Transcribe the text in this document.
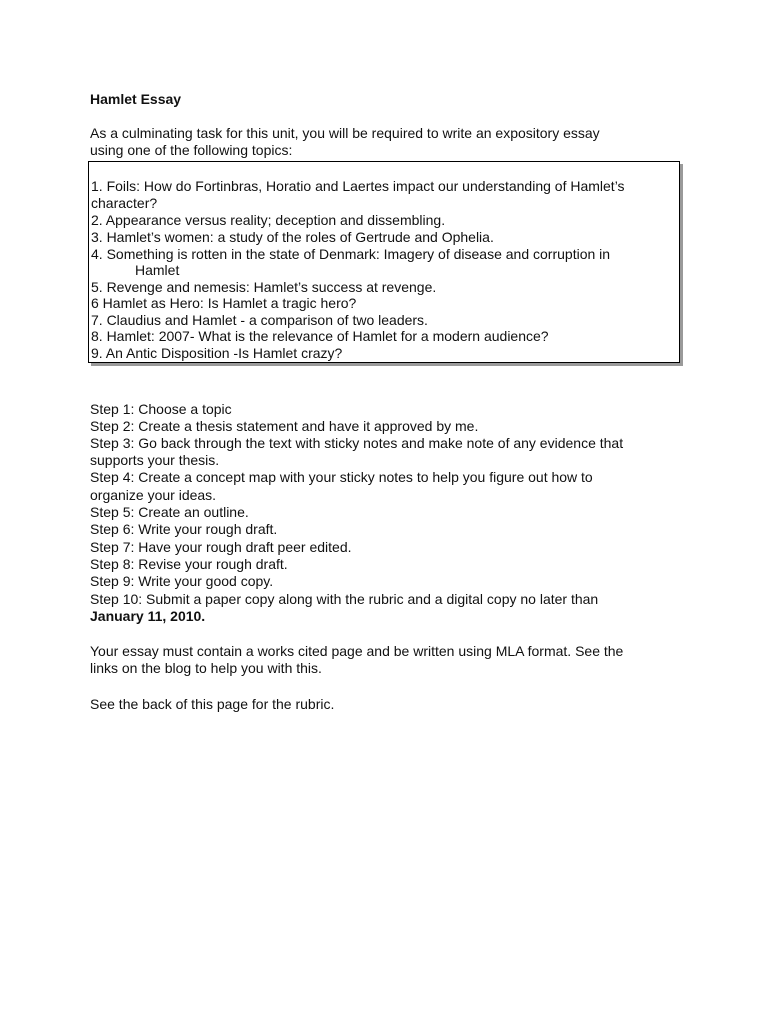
Hamlet Essay
As a culminating task for this unit, you will be required to write an expository essay
using one of the following topics:
1. Foils: How do Fortinbras, Horatio and Laertes impact our understanding of Hamlet’s
character?
2. Appearance versus reality; deception and dissembling.
3. Hamlet’s women: a study of the roles of Gertrude and Ophelia.
4. Something is rotten in the state of Denmark: Imagery of disease and corruption in
Hamlet
5. Revenge and nemesis: Hamlet’s success at revenge.
6 Hamlet as Hero: Is Hamlet a tragic hero?
7. Claudius and Hamlet - a comparison of two leaders.
8. Hamlet: 2007- What is the relevance of Hamlet for a modern audience?
9. An Antic Disposition -Is Hamlet crazy?
Step 1: Choose a topic
Step 2: Create a thesis statement and have it approved by me.
Step 3: Go back through the text with sticky notes and make note of any evidence that
supports your thesis.
Step 4: Create a concept map with your sticky notes to help you figure out how to
organize your ideas.
Step 5: Create an outline.
Step 6: Write your rough draft.
Step 7: Have your rough draft peer edited.
Step 8: Revise your rough draft.
Step 9: Write your good copy.
Step 10: Submit a paper copy along with the rubric and a digital copy no later than
January 11, 2010.
Your essay must contain a works cited page and be written using MLA format. See the
links on the blog to help you with this.
See the back of this page for the rubric.
